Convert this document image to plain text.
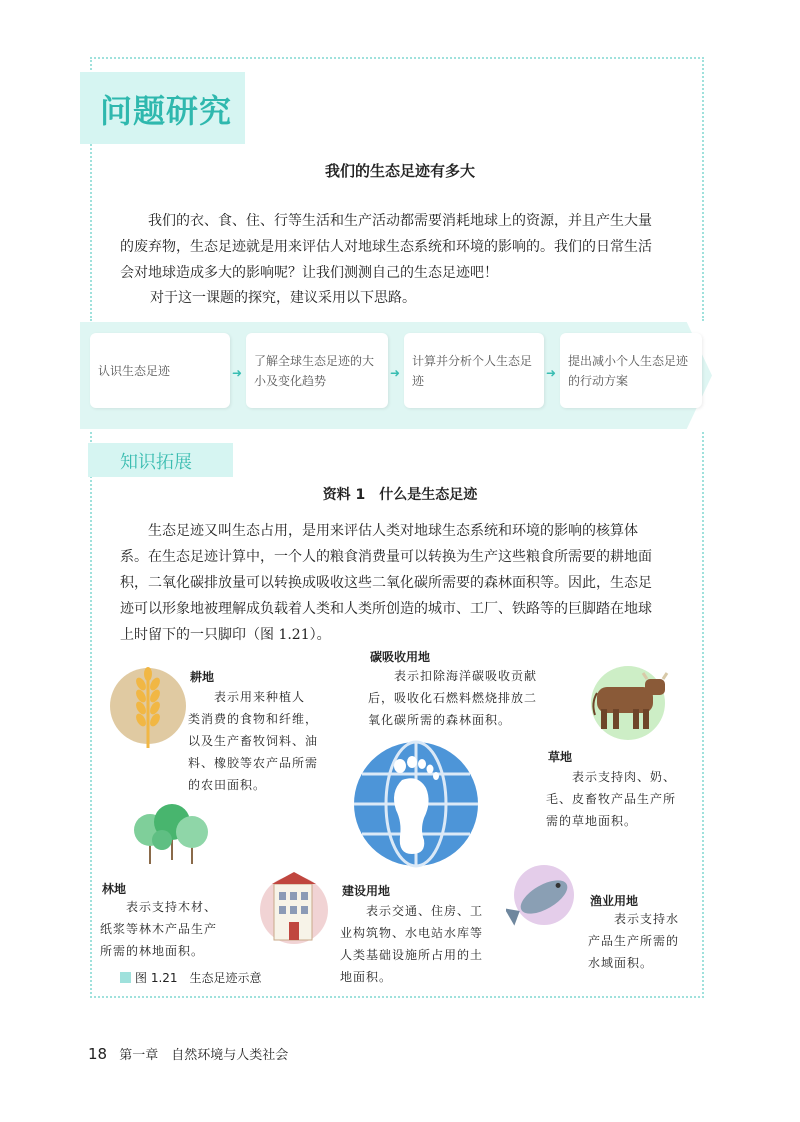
问题研究
我们的生态足迹有多大
我们的衣、食、住、行等生活和生产活动都需要消耗地球上的资源，并且产生大量
的废弃物，生态足迹就是用来评估人对地球生态系统和环境的影响的。我们的日常生活
会对地球造成多大的影响呢？让我们测测自己的生态足迹吧！
对于这一课题的探究，建议采用以下思路。
认识生态足迹	➜
了解全球生态足迹的大小及变化趋势
➜
计算并分析个人生态足迹
➜
提出减小个人生态足迹的行动方案
知识拓展
资料 1　什么是生态足迹
生态足迹又叫生态占用，是用来评估人类对地球生态系统和环境的影响的核算体
系。在生态足迹计算中，一个人的粮食消费量可以转换为生产这些粮食所需要的耕地面
积，二氧化碳排放量可以转换成吸收这些二氧化碳所需要的森林面积等。因此，生态足
迹可以形象地被理解成负载着人类和人类所创造的城市、工厂、铁路等的巨脚踏在地球
上时留下的一只脚印（图 1.21）。
耕地
　　表示用来种植人
类消费的食物和纤维，
以及生产畜牧饲料、油
料、橡胶等农产品所需
的农田面积。
碳吸收用地
　　表示扣除海洋碳吸收贡献
后，吸收化石燃料燃烧排放二
氧化碳所需的森林面积。
草地
　　表示支持肉、奶、
毛、皮畜牧产品生产所
需的草地面积。
林地
　　表示支持木材、
纸浆等林木产品生产
所需的林地面积。
建设用地
　　表示交通、住房、工
业构筑物、水电站水库等
人类基础设施所占用的土
地面积。
渔业用地
　　表示支持水
产品生产所需的
水域面积。
图 1.21　生态足迹示意
18 第一章　自然环境与人类社会
